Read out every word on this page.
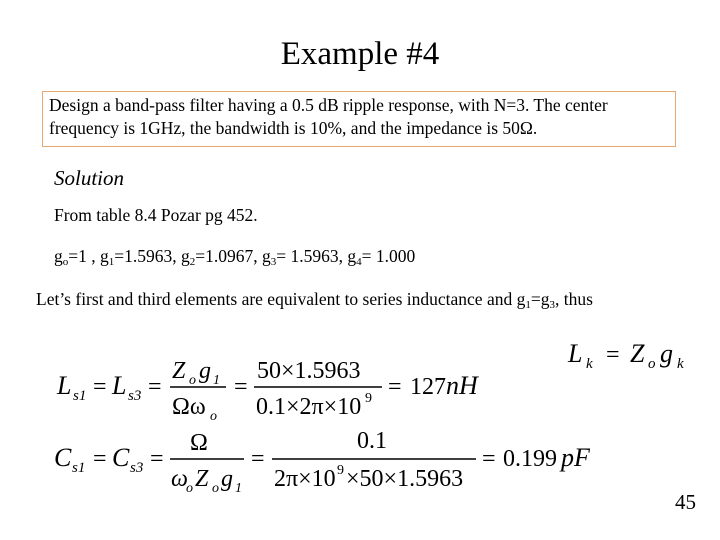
Example #4
Design a band-pass filter having a 0.5 dB ripple response, with N=3. The center frequency is 1GHz, the bandwidth is 10%, and the impedance is 50Ω.
Solution
From table 8.4 Pozar pg 452.
$g_o=1$ , $g_1=1.5963$, $g_2=1.0967$, $g_3= 1.5963$, $g_4= 1.000$
Let’s first and third elements are equivalent to series inductance and $g_1=g_3$, thus
L k = Z o g k
L s1 = L s3 =
Z o g 1
Ωω o
=
50×1.5963
0.1×2π×10 9 = 127 nH
C s1 = C s3 =
Ω
ω
o Z o g 1
=
0.1
2π×10 9 ×50×1.5963
= 0.199 pF
45
